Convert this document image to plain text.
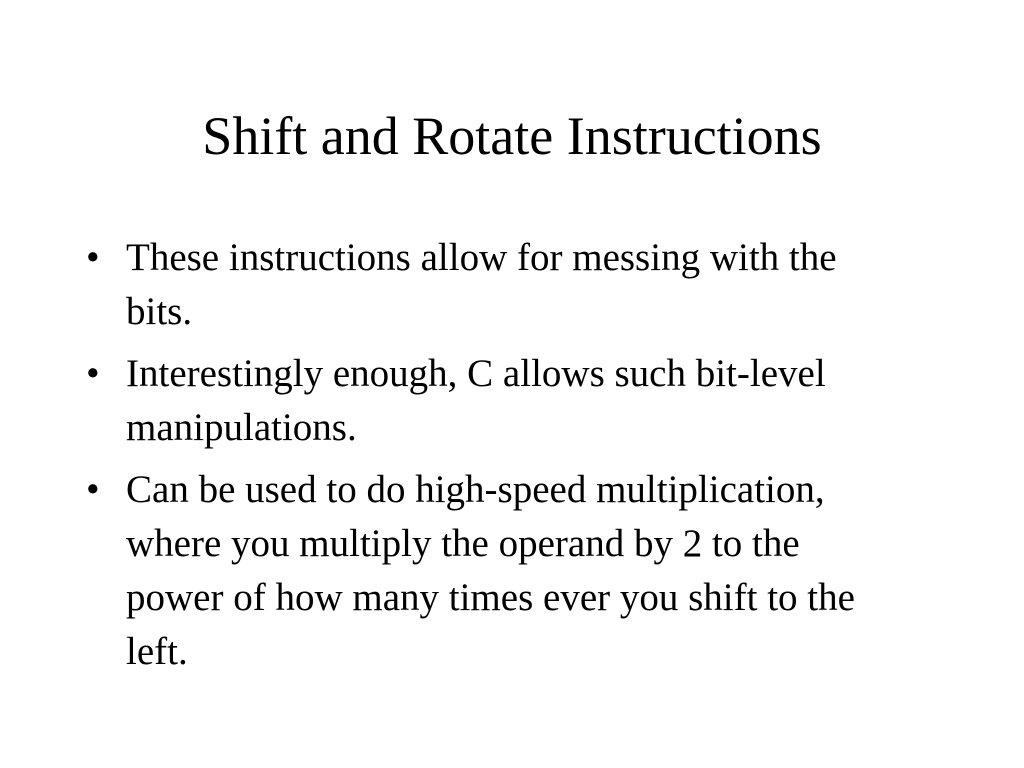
Shift and Rotate Instructions
• These instructions allow for messing with the bits.
• Interestingly enough, C allows such bit-level manipulations.
• Can be used to do high-speed multiplication, where you multiply the operand by 2 to the power of how many times ever you shift to the left.
